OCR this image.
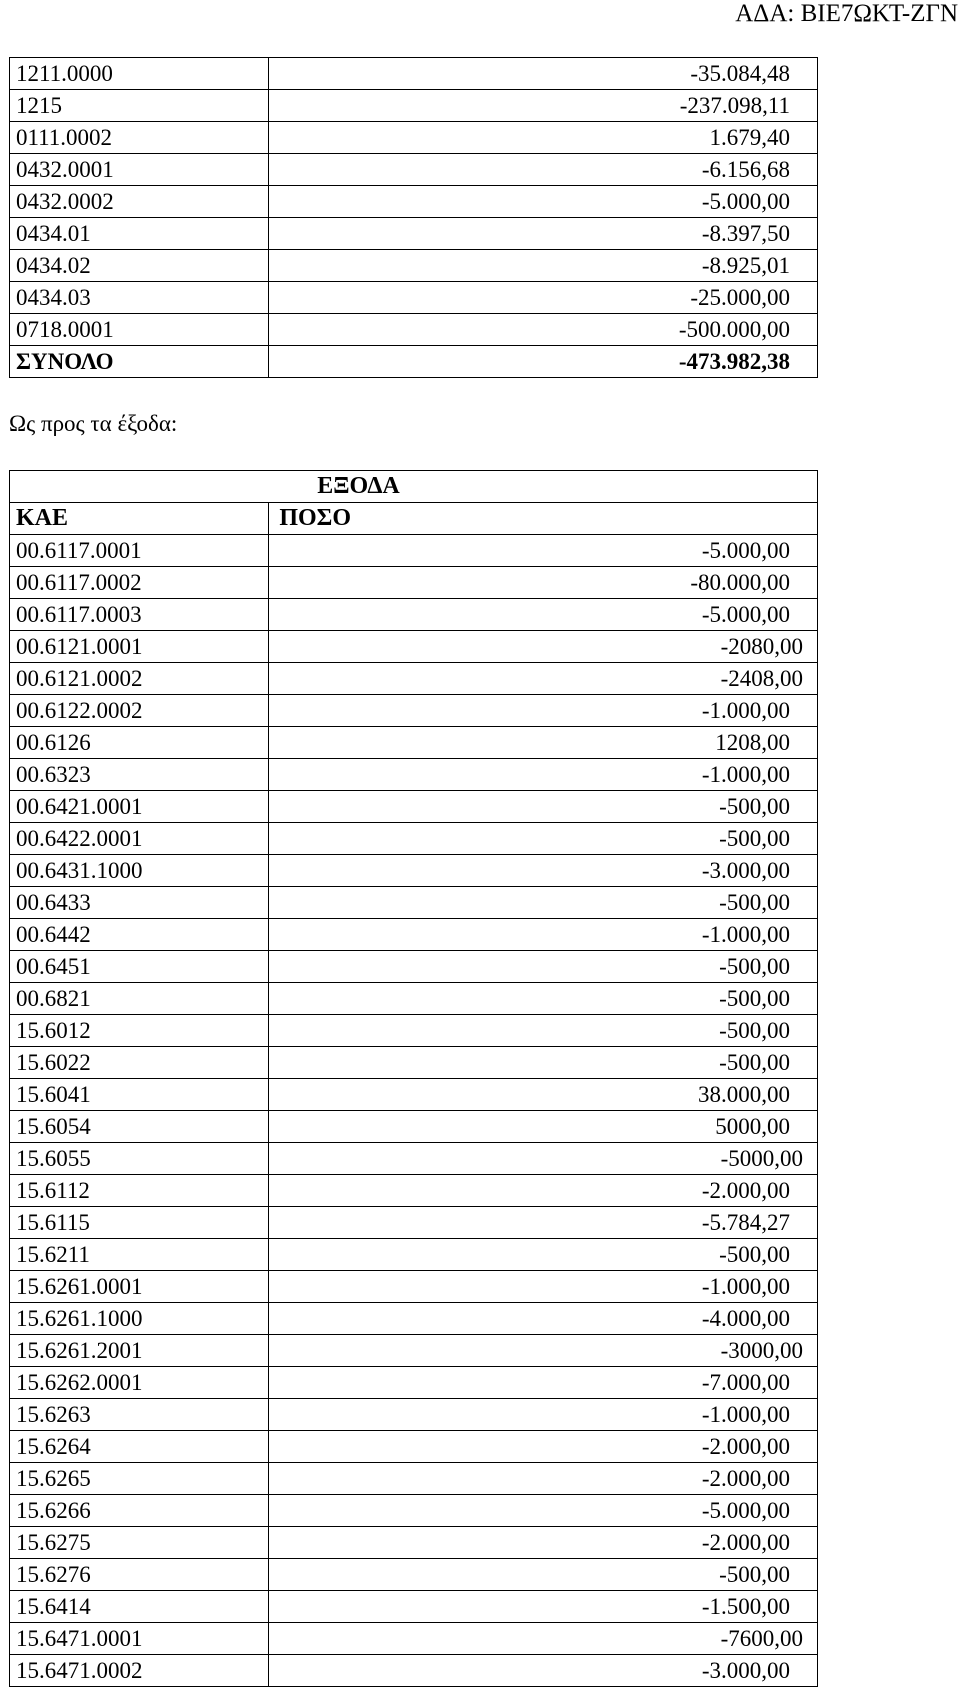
ΑΔΑ: ΒΙΕ7ΩΚΤ-ΖΓΝ
1211.0000	-35.084,48
1215	-237.098,11
0111.0002	1.679,40
0432.0001	-6.156,68
0432.0002	-5.000,00
0434.01	-8.397,50
0434.02	-8.925,01
0434.03	-25.000,00
0718.0001	-500.000,00
ΣΥΝΟΛΟ	-473.982,38
Ως προς τα έξοδα:
ΕΞΟΔΑ	
ΚΑΕ	ΠΟΣΟ
00.6117.0001	-5.000,00
00.6117.0002	-80.000,00
00.6117.0003	-5.000,00
00.6121.0001	-2080,00
00.6121.0002	-2408,00
00.6122.0002	-1.000,00
00.6126	1208,00
00.6323	-1.000,00
00.6421.0001	-500,00
00.6422.0001	-500,00
00.6431.1000	-3.000,00
00.6433	-500,00
00.6442	-1.000,00
00.6451	-500,00
00.6821	-500,00
15.6012	-500,00
15.6022	-500,00
15.6041	38.000,00
15.6054	5000,00
15.6055	-5000,00
15.6112	-2.000,00
15.6115	-5.784,27
15.6211	-500,00
15.6261.0001	-1.000,00
15.6261.1000	-4.000,00
15.6261.2001	-3000,00
15.6262.0001	-7.000,00
15.6263	-1.000,00
15.6264	-2.000,00
15.6265	-2.000,00
15.6266	-5.000,00
15.6275	-2.000,00
15.6276	-500,00
15.6414	-1.500,00
15.6471.0001	-7600,00
15.6471.0002	-3.000,00
